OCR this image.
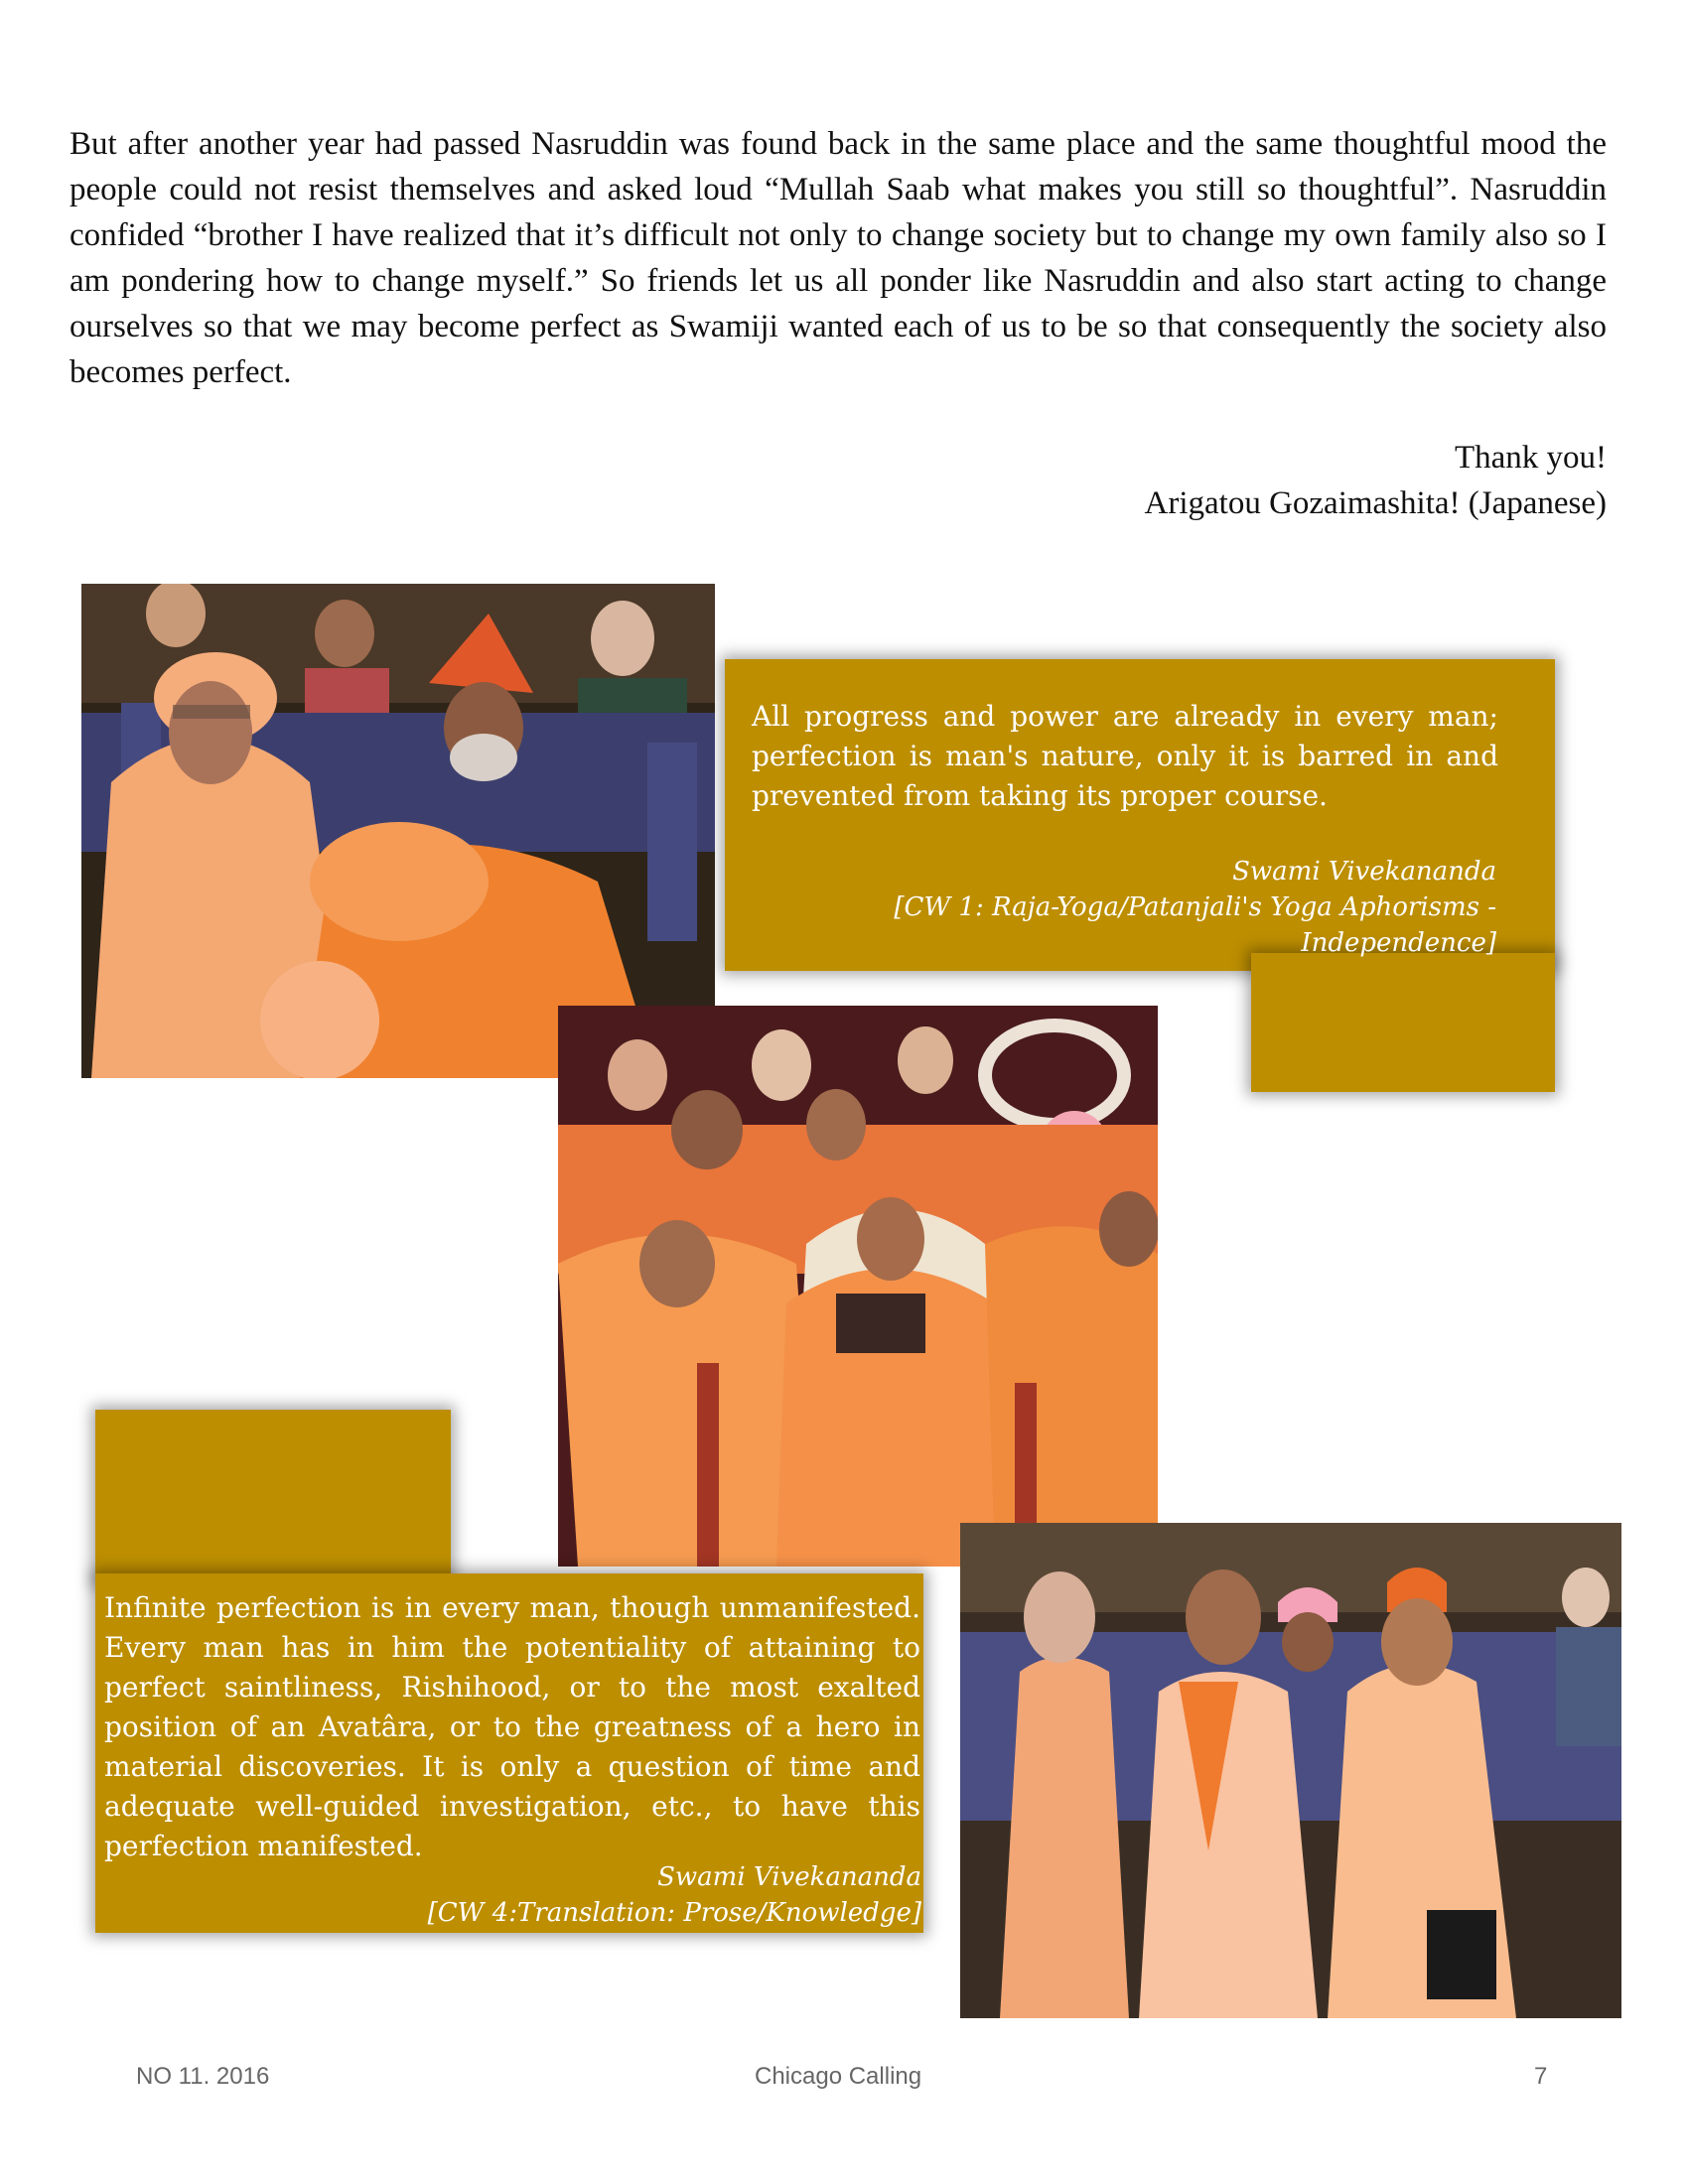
But after another year had passed Nasruddin was found back in the same place and the same thoughtful mood the people could not resist themselves and asked loud “Mullah Saab what makes you still so thoughtful”. Nasruddin confided “brother I have realized that it’s difficult not only to change society but to change my own family also so I am pondering how to change myself.” So friends let us all ponder like Nasruddin and also start acting to change ourselves so that we may become perfect as Swamiji wanted each of us to be so that consequently the society also becomes perfect.

Thank you!
Arigatou Gozaimashita! (Japanese)

All progress and power are already in every man; perfection is man's nature, only it is barred in and prevented from taking its proper course.

Swami Vivekananda
[CW 1: Raja-Yoga/Patanjali's Yoga Aphorisms -
Independence]

Infinite perfection is in every man, though unmanifested. Every man has in him the potentiality of attaining to perfect saintliness, Rishihood, or to the most exalted position of an Avatâra, or to the greatness of a hero in material discoveries. It is only a question of time and adequate well-guided investigation, etc., to have this perfection manifested.

Swami Vivekananda
[CW 4:Translation: Prose/Knowledge]
NO 11. 2016	Chicago Calling	7
